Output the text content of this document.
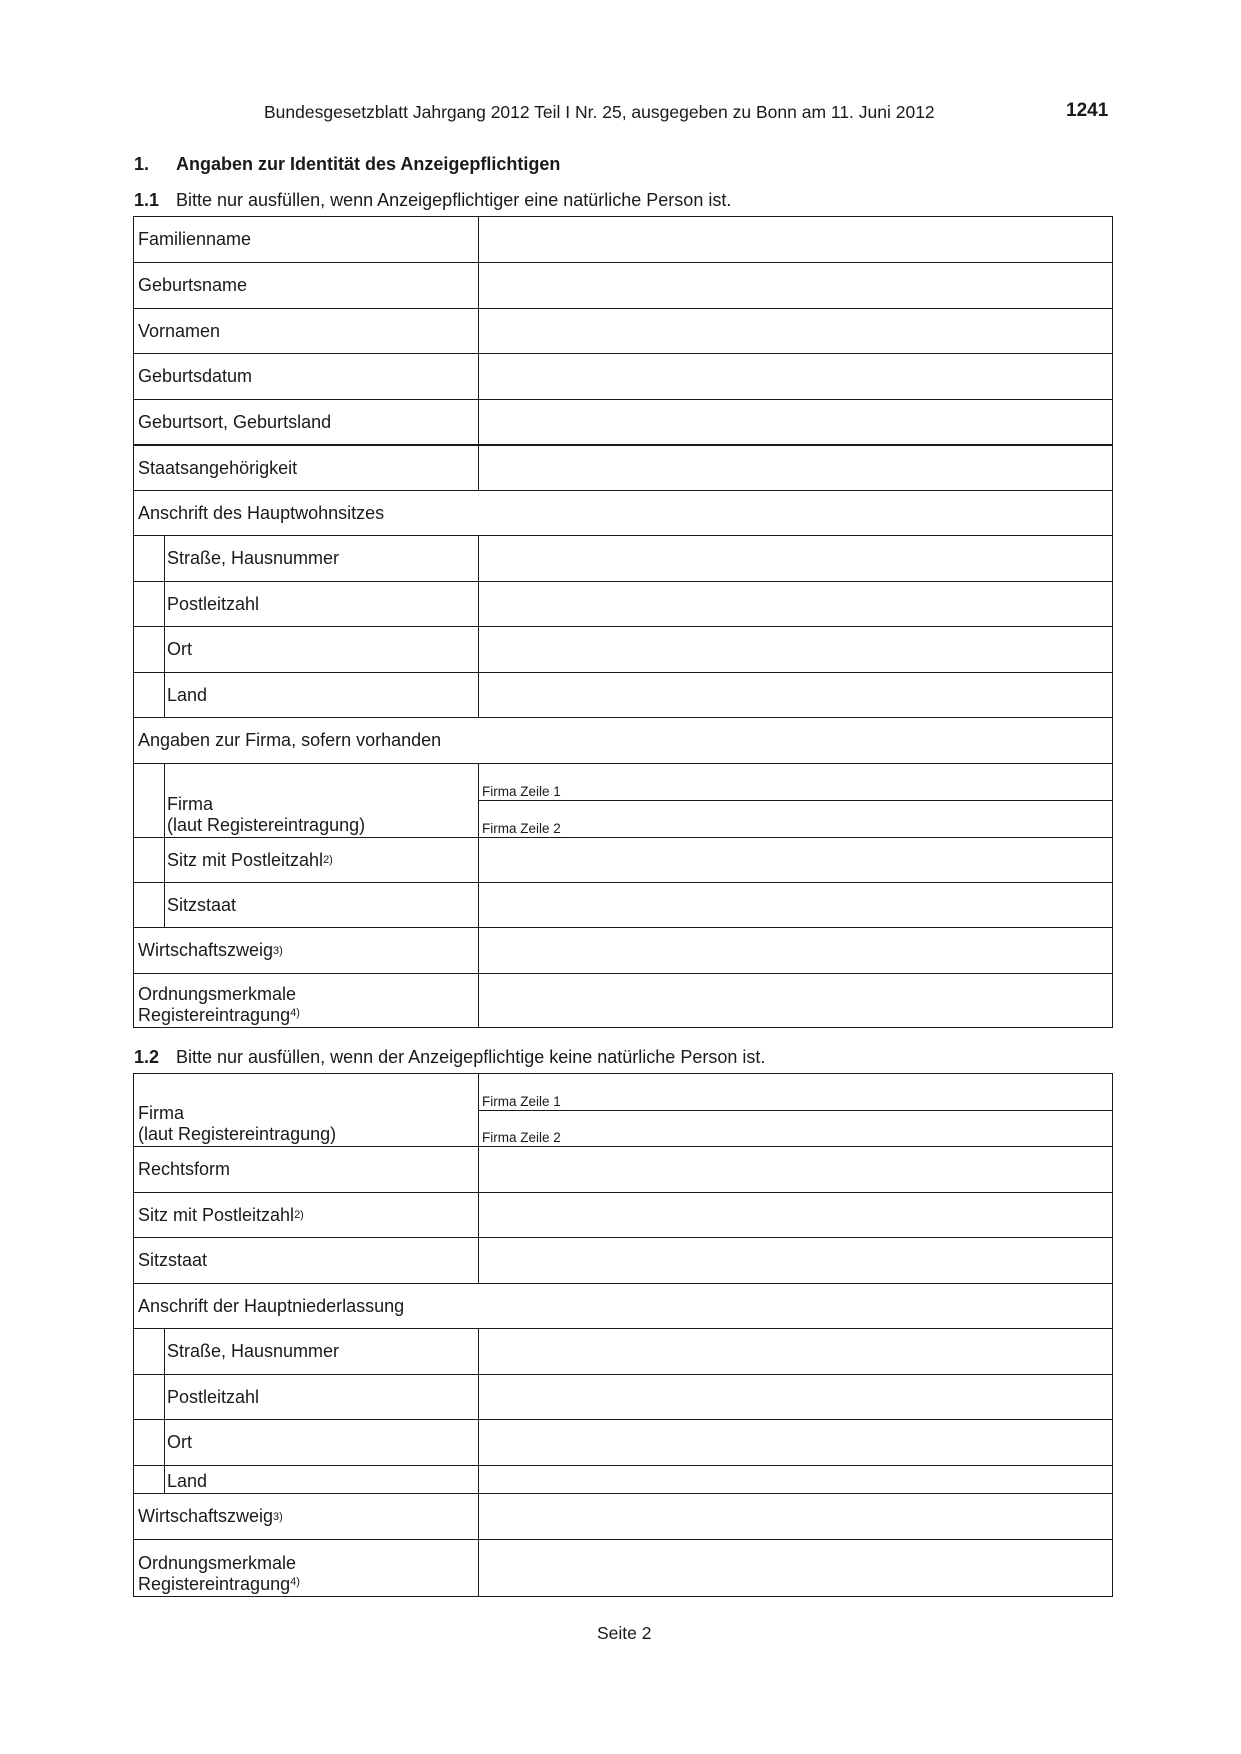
Bundesgesetzblatt Jahrgang 2012 Teil I Nr. 25, ausgegeben zu Bonn am 11. Juni 2012	1241
1. Angaben zur Identität des Anzeigepflichtigen
1.1 Bitte nur ausfüllen, wenn Anzeigepflichtiger eine natürliche Person ist.
Familienname
Geburtsname
Vornamen
Geburtsdatum
Geburtsort, Geburtsland
Staatsangehörigkeit
Anschrift des Hauptwohnsitzes
Straße, Hausnummer
Postleitzahl
Ort
Land
Angaben zur Firma, sofern vorhanden
Firma
(laut Registereintragung)
Firma Zeile 1
Firma Zeile 2
Sitz mit Postleitzahl 2)
Sitzstaat
Wirtschaftszweig 3)
Ordnungsmerkmale
Registereintragung$^{4)}$
1.2 Bitte nur ausfüllen, wenn der Anzeigepflichtige keine natürliche Person ist.
Firma
(laut Registereintragung)
Firma Zeile 1
Firma Zeile 2
Rechtsform
Sitz mit Postleitzahl 2)
Sitzstaat
Anschrift der Hauptniederlassung
Straße, Hausnummer
Postleitzahl
Ort
Land
Wirtschaftszweig 3)
Ordnungsmerkmale
Registereintragung$^{4)}$
Seite 2
